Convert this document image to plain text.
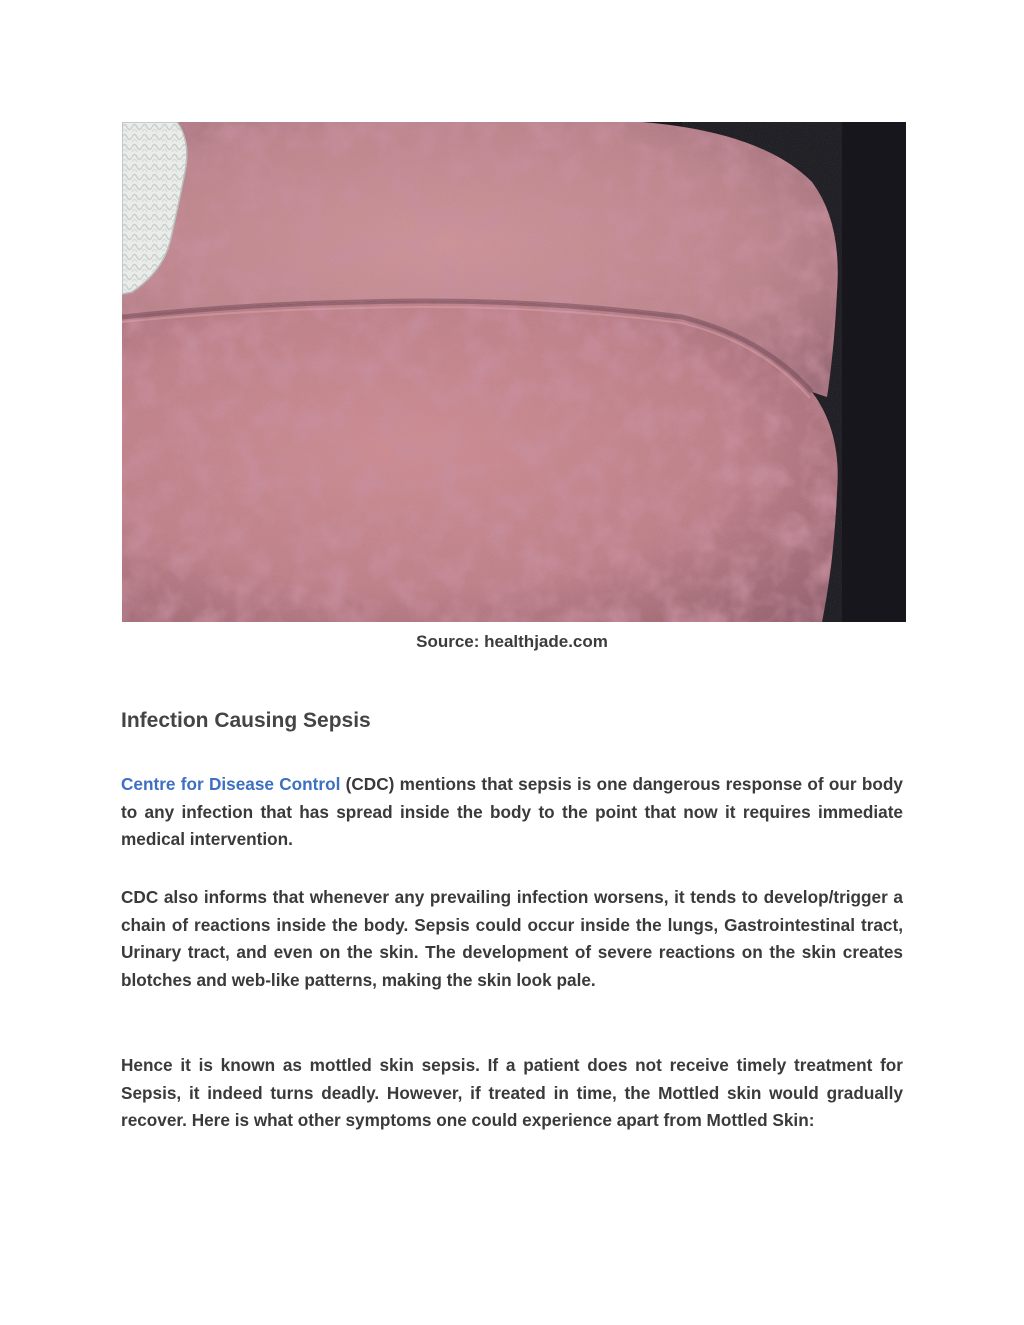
Source: healthjade.com
Infection Causing Sepsis

Centre for Disease Control (CDC) mentions that sepsis is one dangerous response of our body to any infection that has spread inside the body to the point that now it requires immediate medical intervention.

CDC also informs that whenever any prevailing infection worsens, it tends to develop/trigger a chain of reactions inside the body. Sepsis could occur inside the lungs, Gastrointestinal tract, Urinary tract, and even on the skin. The development of severe reactions on the skin creates blotches and web-like patterns, making the skin look pale.

Hence it is known as mottled skin sepsis. If a patient does not receive timely treatment for Sepsis, it indeed turns deadly. However, if treated in time, the Mottled skin would gradually recover. Here is what other symptoms one could experience apart from Mottled Skin:
